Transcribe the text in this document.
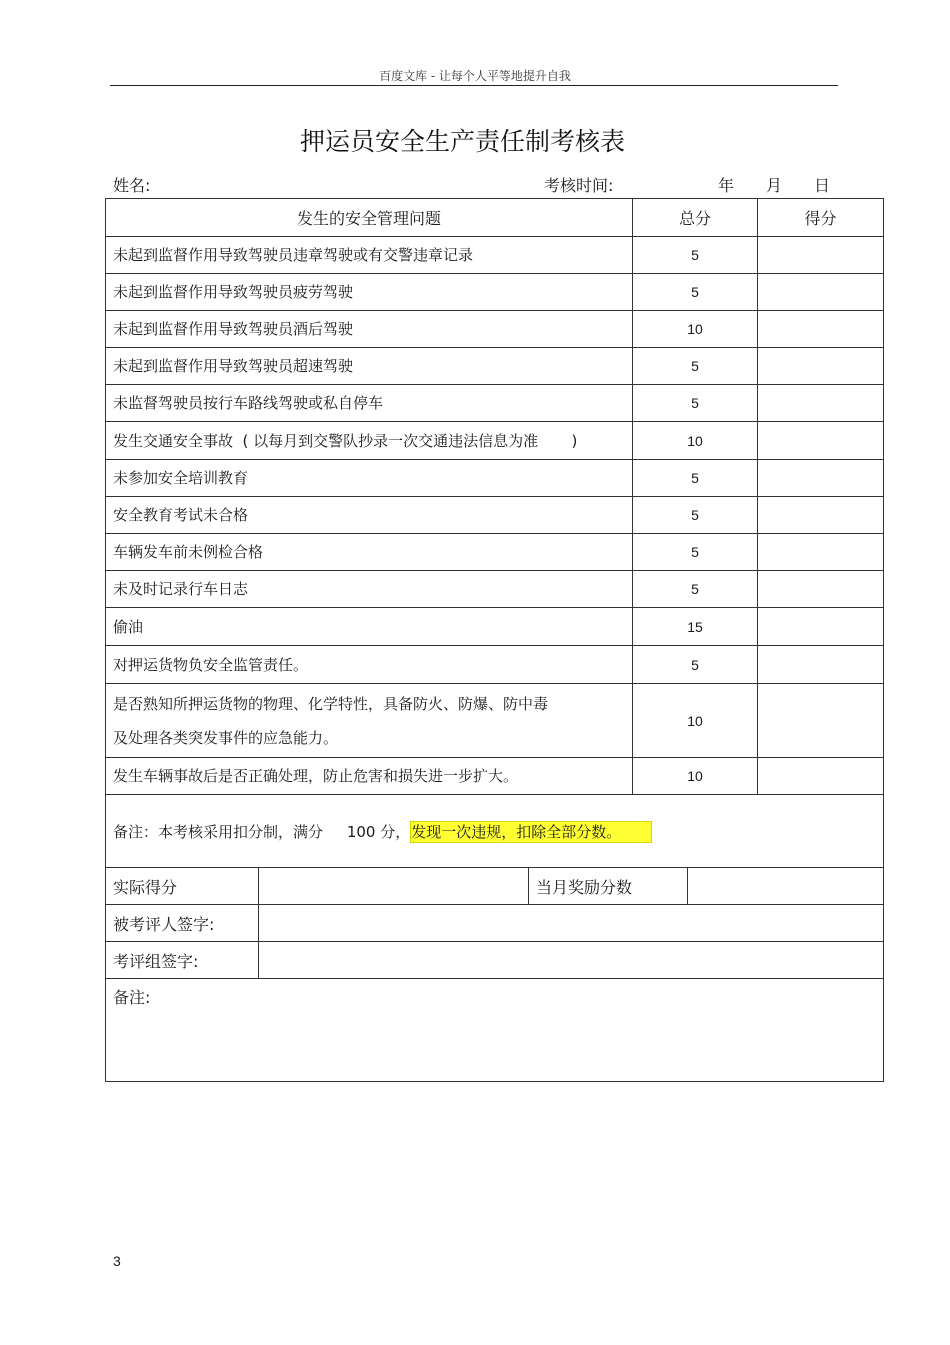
百度文库 - 让每个人平等地提升自我
押运员安全生产责任制考核表
姓名:	考核时间:	年 月 日
发生的安全管理问题	总分	得分
未起到监督作用导致驾驶员违章驾驶或有交警违章记录	5	
未起到监督作用导致驾驶员疲劳驾驶	5	
未起到监督作用导致驾驶员酒后驾驶	10	
未起到监督作用导致驾驶员超速驾驶	5	
未监督驾驶员按行车路线驾驶或私自停车	5	
发生交通安全事故  ( 以每月到交警队抄录一次交通违法信息为准       )	10	
未参加安全培训教育	5	
安全教育考试未合格	5	
车辆发车前未例检合格	5	
未及时记录行车日志	5	
偷油	15	
对押运货物负安全监管责任。	5	

是否熟知所押运货物的物理、化学特性，具备防火、防爆、防中毒
及处理各类突发事件的应急能力。	10	
发生车辆事故后是否正确处理，防止危害和损失进一步扩大。	10	
备注：本考核采用扣分制，满分     100 分，发现一次违规，扣除全部分数。		
实际得分		当月奖励分数	
被考评人签字:			
考评组签字:			
备注:			
3
